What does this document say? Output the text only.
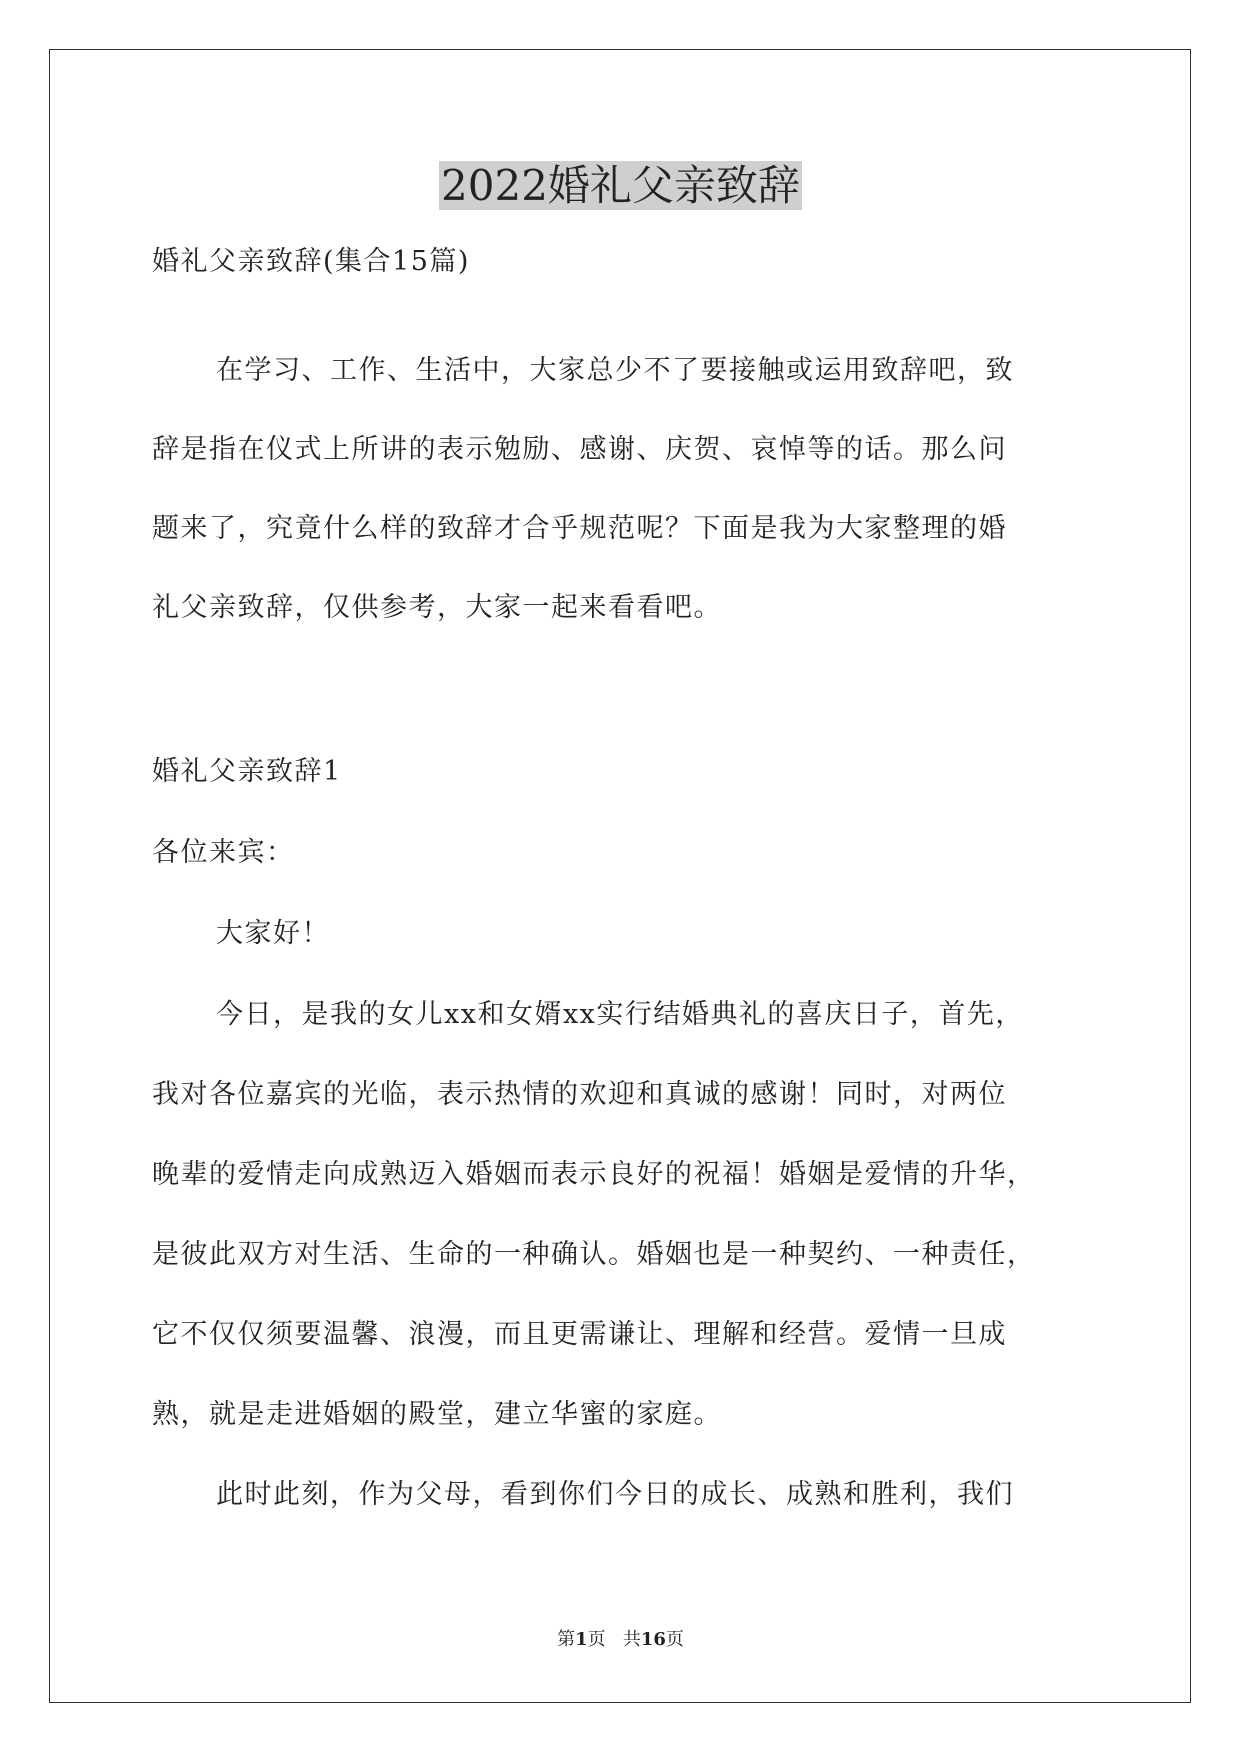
2022婚礼父亲致辞
婚礼父亲致辞(集合15篇)
在学习、工作、生活中，大家总少不了要接触或运用致辞吧，致
辞是指在仪式上所讲的表示勉励、感谢、庆贺、哀悼等的话。那么问
题来了，究竟什么样的致辞才合乎规范呢？下面是我为大家整理的婚
礼父亲致辞，仅供参考，大家一起来看看吧。
婚礼父亲致辞1
各位来宾：
大家好！
今日，是我的女儿xx和女婿xx实行结婚典礼的喜庆日子，首先，
我对各位嘉宾的光临，表示热情的欢迎和真诚的感谢！同时，对两位
晚辈的爱情走向成熟迈入婚姻而表示良好的祝福！婚姻是爱情的升华，
是彼此双方对生活、生命的一种确认。婚姻也是一种契约、一种责任，
它不仅仅须要温馨、浪漫，而且更需谦让、理解和经营。爱情一旦成
熟，就是走进婚姻的殿堂，建立华蜜的家庭。
此时此刻，作为父母，看到你们今日的成长、成熟和胜利，我们
第1页 共16页
